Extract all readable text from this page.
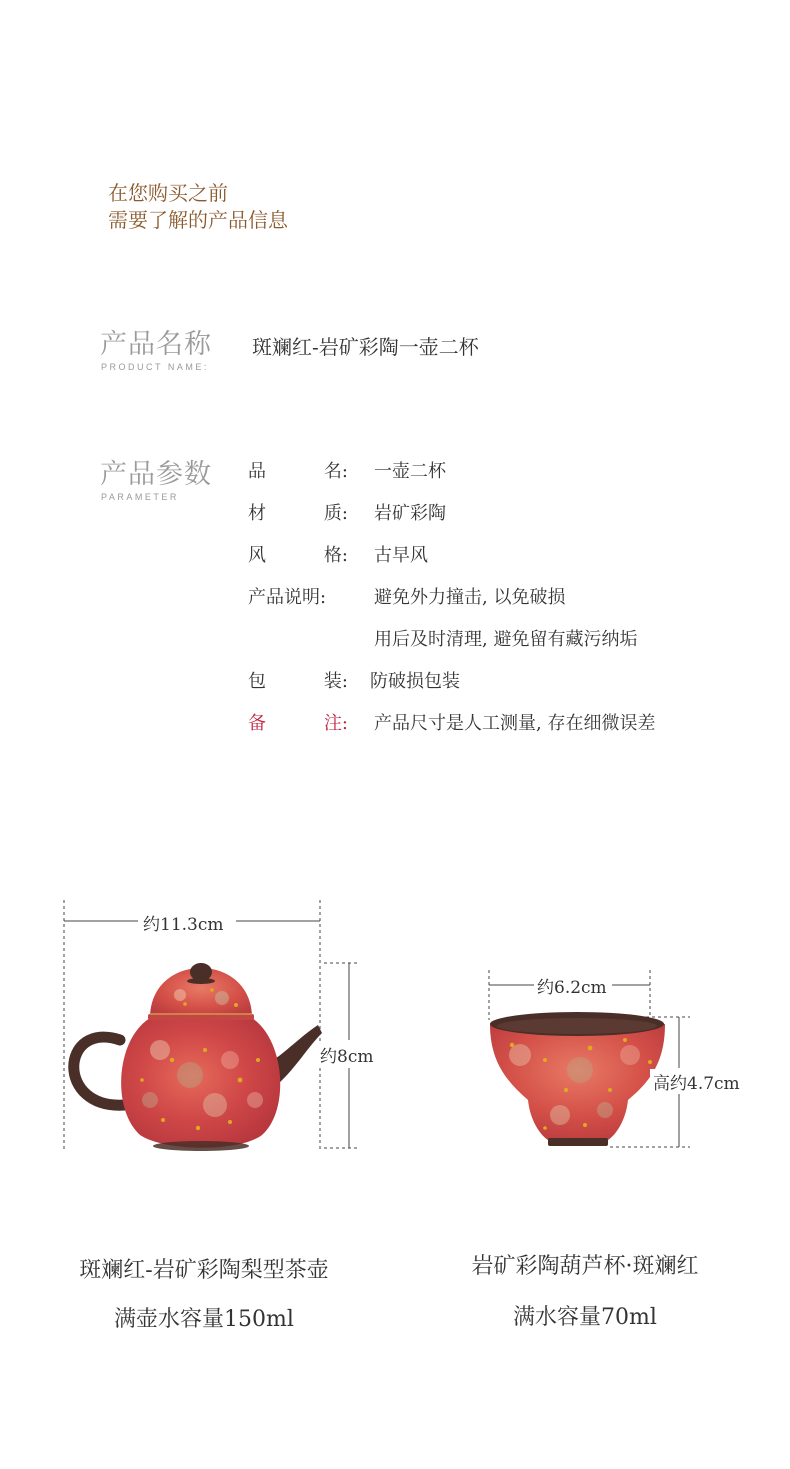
在您购买之前
需要了解的产品信息
产品名称
PRODUCT NAME:
斑斓红-岩矿彩陶一壶二杯
产品参数
PARAMETER
品	名: 一壶二杯
材	质: 岩矿彩陶
风	格: 古早风
产品说明:	避免外力撞击, 以免破损
用后及时清理, 避免留有藏污纳垢
包	装: 防破损包装
备	注: 产品尺寸是人工测量, 存在细微误差
约11.3cm
约8cm
约6.2cm
高约4.7cm
斑斓红-岩矿彩陶梨型茶壶
满壶水容量150ml
岩矿彩陶葫芦杯·斑斓红
满水容量70ml
